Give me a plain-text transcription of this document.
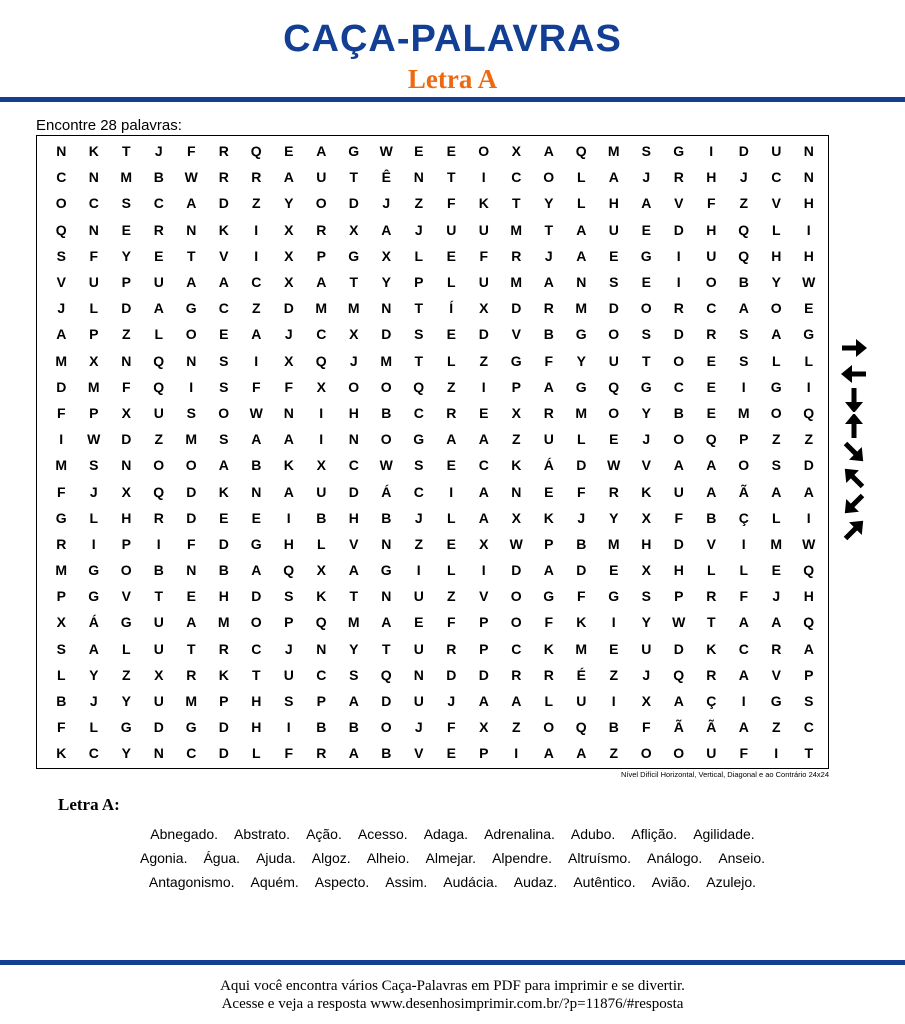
CAÇA-PALAVRAS
Letra A
Encontre 28 palavras:
N	K	T	J	F	R	Q	E	A	G	W	E	E	O	X	A	Q	M	S	G	I	D	U	N
C	N	M	B	W	R	R	A	U	T	Ê	N	T	I	C	O	L	A	J	R	H	J	C	N
O	C	S	C	A	D	Z	Y	O	D	J	Z	F	K	T	Y	L	H	A	V	F	Z	V	H
Q	N	E	R	N	K	I	X	R	X	A	J	U	U	M	T	A	U	E	D	H	Q	L	I
S	F	Y	E	T	V	I	X	P	G	X	L	E	F	R	J	A	E	G	I	U	Q	H	H
V	U	P	U	A	A	C	X	A	T	Y	P	L	U	M	A	N	S	E	I	O	B	Y	W
J	L	D	A	G	C	Z	D	M	M	N	T	Í	X	D	R	M	D	O	R	C	A	O	E
A	P	Z	L	O	E	A	J	C	X	D	S	E	D	V	B	G	O	S	D	R	S	A	G
M	X	N	Q	N	S	I	X	Q	J	M	T	L	Z	G	F	Y	U	T	O	E	S	L	L
D	M	F	Q	I	S	F	F	X	O	O	Q	Z	I	P	A	G	Q	G	C	E	I	G	I
F	P	X	U	S	O	W	N	I	H	B	C	R	E	X	R	M	O	Y	B	E	M	O	Q
I	W	D	Z	M	S	A	A	I	N	O	G	A	A	Z	U	L	E	J	O	Q	P	Z	Z
M	S	N	O	O	A	B	K	X	C	W	S	E	C	K	Á	D	W	V	A	A	O	S	D
F	J	X	Q	D	K	N	A	U	D	Á	C	I	A	N	E	F	R	K	U	A	Ã	A	A
G	L	H	R	D	E	E	I	B	H	B	J	L	A	X	K	J	Y	X	F	B	Ç	L	I
R	I	P	I	F	D	G	H	L	V	N	Z	E	X	W	P	B	M	H	D	V	I	M	W
M	G	O	B	N	B	A	Q	X	A	G	I	L	I	D	A	D	E	X	H	L	L	E	Q
P	G	V	T	E	H	D	S	K	T	N	U	Z	V	O	G	F	G	S	P	R	F	J	H
X	Á	G	U	A	M	O	P	Q	M	A	E	F	P	O	F	K	I	Y	W	T	A	A	Q
S	A	L	U	T	R	C	J	N	Y	T	U	R	P	C	K	M	E	U	D	K	C	R	A
L	Y	Z	X	R	K	T	U	C	S	Q	N	D	D	R	R	É	Z	J	Q	R	A	V	P
B	J	Y	U	M	P	H	S	P	A	D	U	J	A	A	L	U	I	X	A	Ç	I	G	S
F	L	G	D	G	D	H	I	B	B	O	J	F	X	Z	O	Q	B	F	Ã	Ã	A	Z	C
K	C	Y	N	C	D	L	F	R	A	B	V	E	P	I	A	A	Z	O	O	U	F	I	T
Nível Difícil Horizontal, Vertical, Diagonal e ao Contrário 24x24
Letra A:
Abnegado. Abstrato. Ação. Acesso. Adaga. Adrenalina. Adubo. Aflição. Agilidade.
Agonia. Água. Ajuda. Algoz. Alheio. Almejar. Alpendre. Altruísmo. Análogo. Anseio.
Antagonismo. Aquém. Aspecto. Assim. Audácia. Audaz. Autêntico. Avião. Azulejo.
Aqui você encontra vários Caça-Palavras em PDF para imprimir e se divertir.
Acesse e veja a resposta www.desenhosimprimir.com.br/?p=11876/#resposta
